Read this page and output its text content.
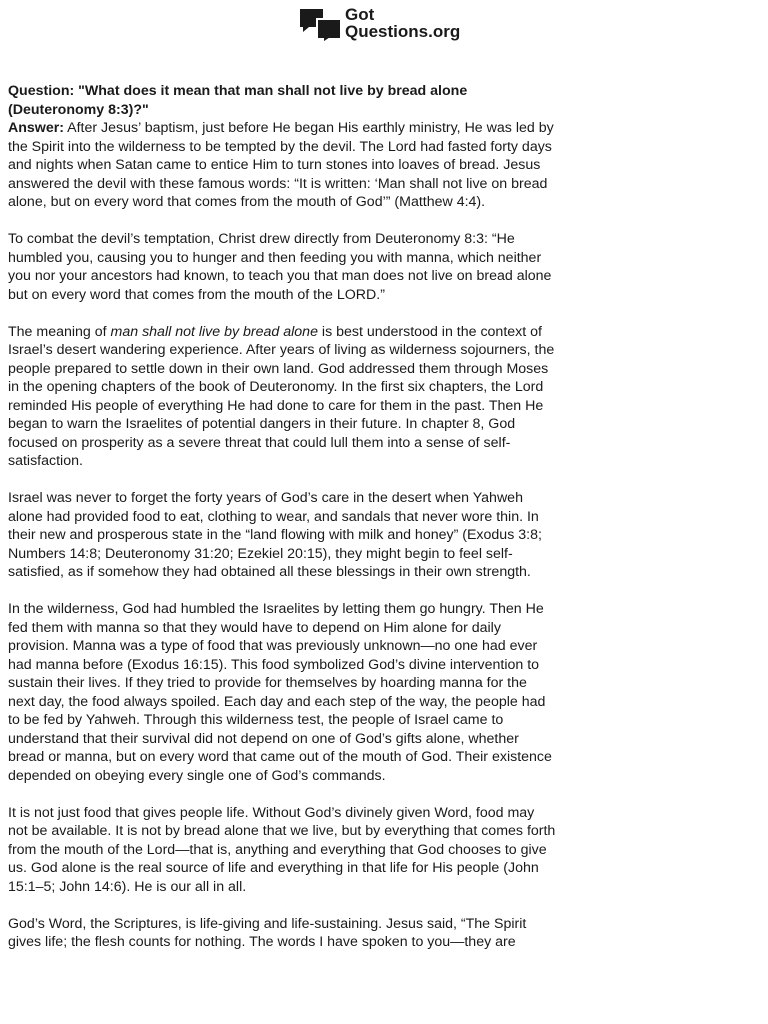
Got
Questions.org

Question: "What does it mean that man shall not live by bread alone (Deuteronomy 8:3)?"

Answer: After Jesus’ baptism, just before He began His earthly ministry, He was led by the Spirit into the wilderness to be tempted by the devil. The Lord had fasted forty days and nights when Satan came to entice Him to turn stones into loaves of bread. Jesus answered the devil with these famous words: “It is written: ‘Man shall not live on bread alone, but on every word that comes from the mouth of God’” (Matthew 4:4).

To combat the devil’s temptation, Christ drew directly from Deuteronomy 8:3: “He humbled you, causing you to hunger and then feeding you with manna, which neither you nor your ancestors had known, to teach you that man does not live on bread alone but on every word that comes from the mouth of the LORD.”

The meaning of man shall not live by bread alone is best understood in the context of Israel’s desert wandering experience. After years of living as wilderness sojourners, the people prepared to settle down in their own land. God addressed them through Moses in the opening chapters of the book of Deuteronomy. In the first six chapters, the Lord reminded His people of everything He had done to care for them in the past. Then He began to warn the Israelites of potential dangers in their future. In chapter 8, God focused on prosperity as a severe threat that could lull them into a sense of self-satisfaction.

Israel was never to forget the forty years of God’s care in the desert when Yahweh alone had provided food to eat, clothing to wear, and sandals that never wore thin. In their new and prosperous state in the “land flowing with milk and honey” (Exodus 3:8; Numbers 14:8; Deuteronomy 31:20; Ezekiel 20:15), they might begin to feel self-satisfied, as if somehow they had obtained all these blessings in their own strength.

In the wilderness, God had humbled the Israelites by letting them go hungry. Then He fed them with manna so that they would have to depend on Him alone for daily provision. Manna was a type of food that was previously unknown—no one had ever had manna before (Exodus 16:15). This food symbolized God’s divine intervention to sustain their lives. If they tried to provide for themselves by hoarding manna for the next day, the food always spoiled. Each day and each step of the way, the people had to be fed by Yahweh. Through this wilderness test, the people of Israel came to understand that their survival did not depend on one of God’s gifts alone, whether bread or manna, but on every word that came out of the mouth of God. Their existence depended on obeying every single one of God’s commands.

It is not just food that gives people life. Without God’s divinely given Word, food may not be available. It is not by bread alone that we live, but by everything that comes forth from the mouth of the Lord—that is, anything and everything that God chooses to give us. God alone is the real source of life and everything in that life for His people (John 15:1–5; John 14:6). He is our all in all.

God’s Word, the Scriptures, is life-giving and life-sustaining. Jesus said, “The Spirit gives life; the flesh counts for nothing. The words I have spoken to you—they are
